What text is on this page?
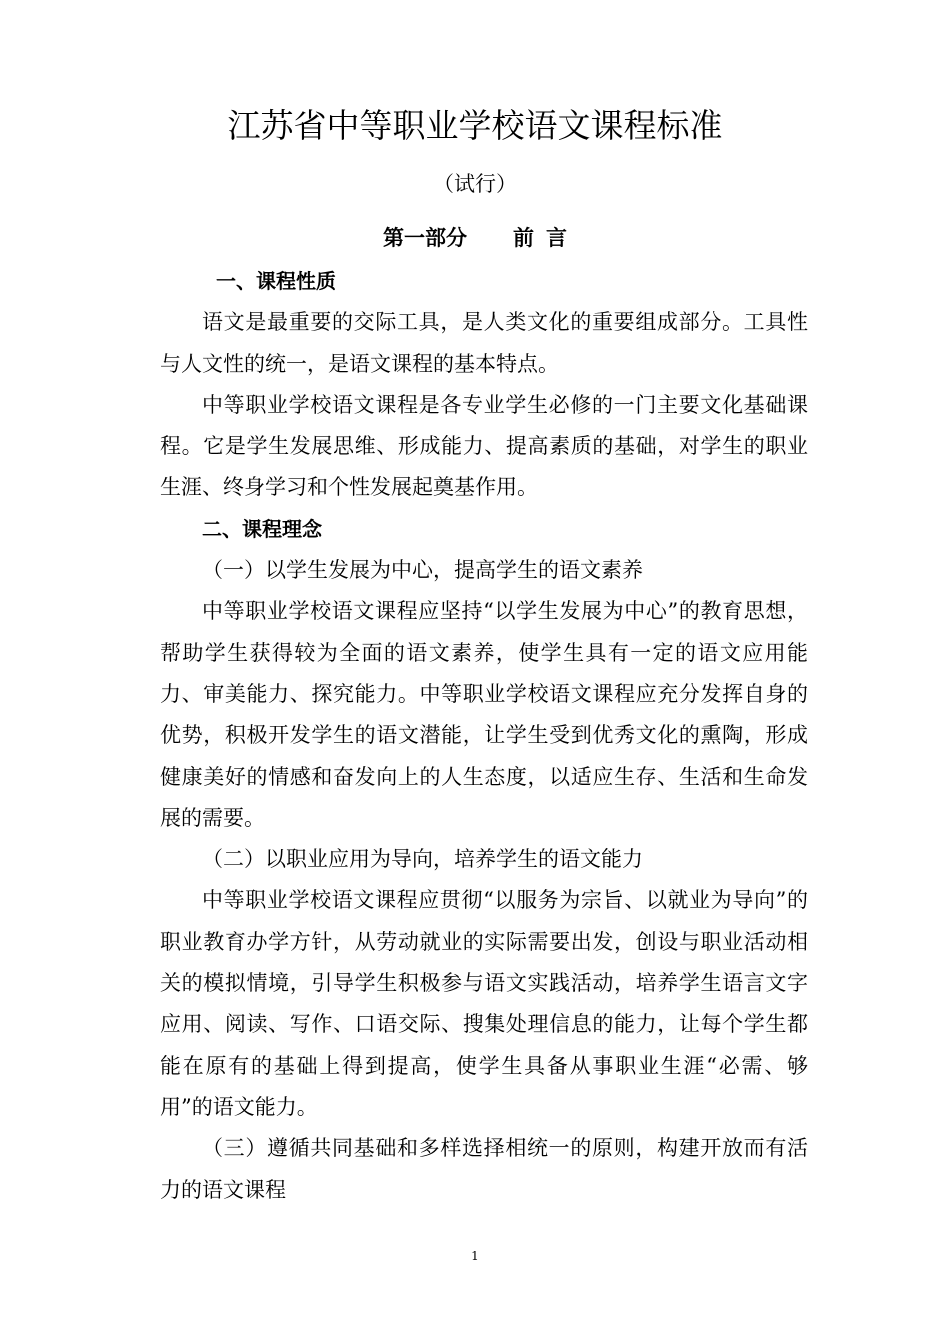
江苏省中等职业学校语文课程标准
（试行）
第一部分 前 言
一、课程性质

语文是最重要的交际工具，是人类文化的重要组成部分。工具性与人文性的统一，是语文课程的基本特点。

中等职业学校语文课程是各专业学生必修的一门主要文化基础课程。它是学生发展思维、形成能力、提高素质的基础，对学生的职业生涯、终身学习和个性发展起奠基作用。

二、课程理念
（一）以学生发展为中心，提高学生的语文素养

中等职业学校语文课程应坚持“以学生发展为中心”的教育思想，帮助学生获得较为全面的语文素养，使学生具有一定的语文应用能力、审美能力、探究能力。中等职业学校语文课程应充分发挥自身的优势，积极开发学生的语文潜能，让学生受到优秀文化的熏陶，形成健康美好的情感和奋发向上的人生态度，以适应生存、生活和生命发展的需要。

（二）以职业应用为导向，培养学生的语文能力

中等职业学校语文课程应贯彻“以服务为宗旨、以就业为导向”的职业教育办学方针，从劳动就业的实际需要出发，创设与职业活动相关的模拟情境，引导学生积极参与语文实践活动，培养学生语言文字应用、阅读、写作、口语交际、搜集处理信息的能力，让每个学生都能在原有的基础上得到提高，使学生具备从事职业生涯“必需、够用”的语文能力。

（三）遵循共同基础和多样选择相统一的原则，构建开放而有活力的语文课程

1
